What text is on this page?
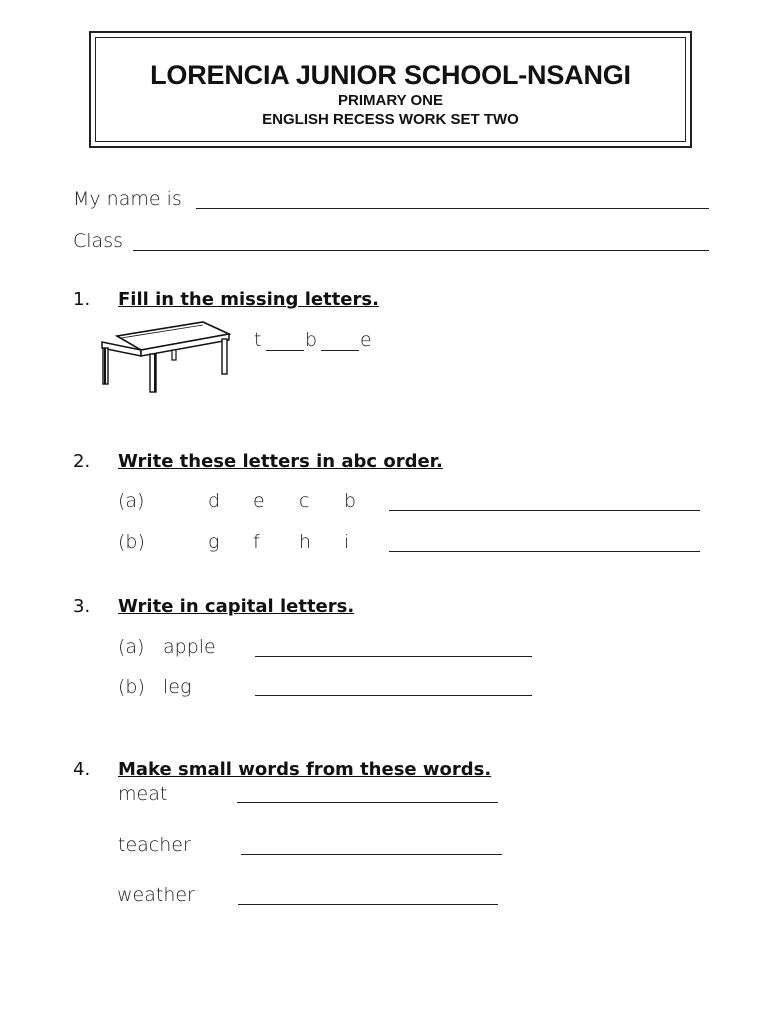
LORENCIA JUNIOR SCHOOL-NSANGI
PRIMARY ONE
ENGLISH RECESS WORK SET TWO
My name is
Class
1. Fill in the missing letters.
t b e
2. Write these letters in abc order.
(a)	d e c b
(b)	g f h i
3. Write in capital letters.
(a) apple
(b) leg
4. Make small words from these words.
meat
teacher
weather
